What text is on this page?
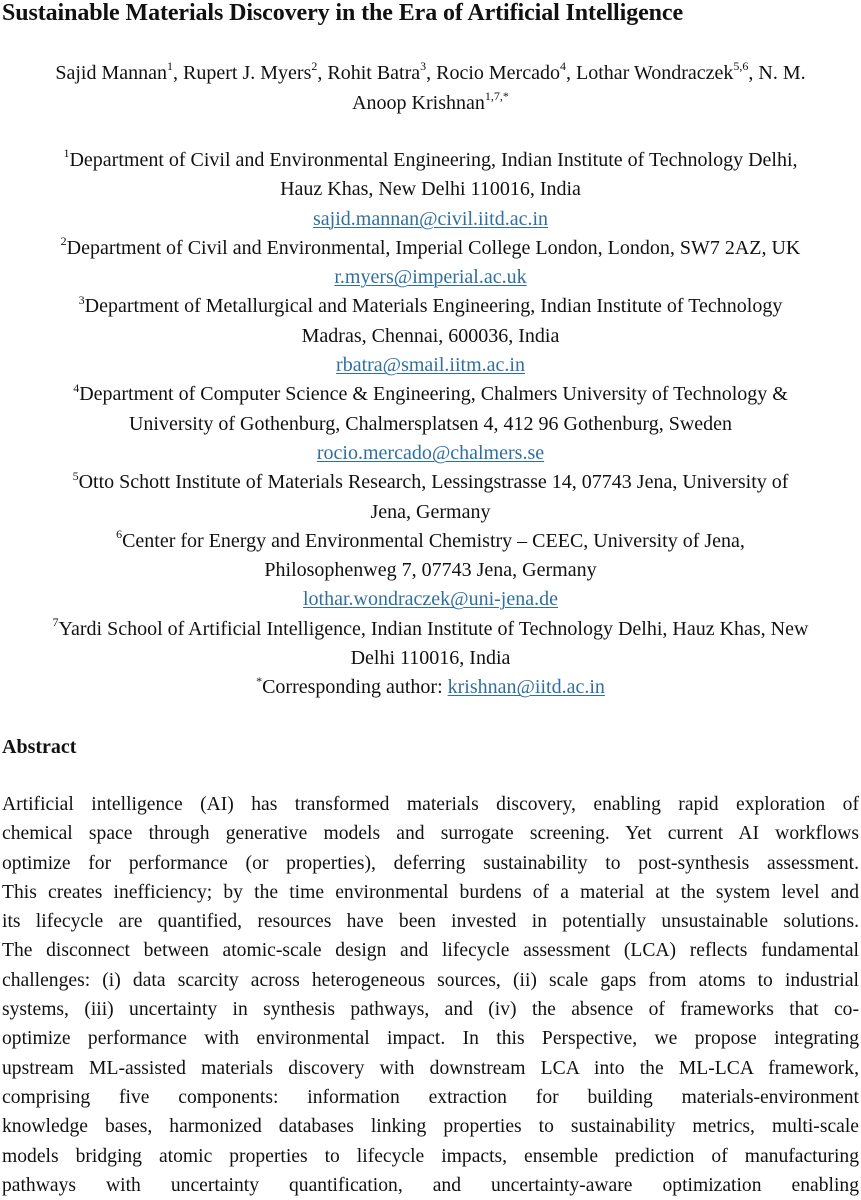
Sustainable Materials Discovery in the Era of Artificial Intelligence
Sajid Mannan$^1$, Rupert J. Myers$^2$, Rohit Batra$^3$, Rocio Mercado$^4$, Lothar Wondraczek$^{5,6}$, N. M.
Anoop Krishnan$^{1,7,*}$
$^1$Department of Civil and Environmental Engineering, Indian Institute of Technology Delhi,
Hauz Khas, New Delhi 110016, India
sajid.mannan@civil.iitd.ac.in
$^2$Department of Civil and Environmental, Imperial College London, London, SW7 2AZ, UK
r.myers@imperial.ac.uk
$^3$Department of Metallurgical and Materials Engineering, Indian Institute of Technology
Madras, Chennai, 600036, India
rbatra@smail.iitm.ac.in
$^4$Department of Computer Science & Engineering, Chalmers University of Technology &
University of Gothenburg, Chalmersplatsen 4, 412 96 Gothenburg, Sweden
rocio.mercado@chalmers.se
$^5$Otto Schott Institute of Materials Research, Lessingstrasse 14, 07743 Jena, University of
Jena, Germany
$^6$Center for Energy and Environmental Chemistry – CEEC, University of Jena,
Philosophenweg 7, 07743 Jena, Germany
lothar.wondraczek@uni-jena.de
$^7$Yardi School of Artificial Intelligence, Indian Institute of Technology Delhi, Hauz Khas, New
Delhi 110016, India
*Corresponding author: krishnan@iitd.ac.in
Abstract
Artificial intelligence (AI) has transformed materials discovery, enabling rapid exploration of
chemical space through generative models and surrogate screening. Yet current AI workflows
optimize for performance (or properties), deferring sustainability to post-synthesis assessment.
This creates inefficiency; by the time environmental burdens of a material at the system level and
its lifecycle are quantified, resources have been invested in potentially unsustainable solutions.
The disconnect between atomic-scale design and lifecycle assessment (LCA) reflects fundamental
challenges: (i) data scarcity across heterogeneous sources, (ii) scale gaps from atoms to industrial
systems, (iii) uncertainty in synthesis pathways, and (iv) the absence of frameworks that co-
optimize performance with environmental impact. In this Perspective, we propose integrating
upstream ML-assisted materials discovery with downstream LCA into the ML-LCA framework,
comprising five components: information extraction for building materials-environment
knowledge bases, harmonized databases linking properties to sustainability metrics, multi-scale
models bridging atomic properties to lifecycle impacts, ensemble prediction of manufacturing
pathways with uncertainty quantification, and uncertainty-aware optimization enabling
